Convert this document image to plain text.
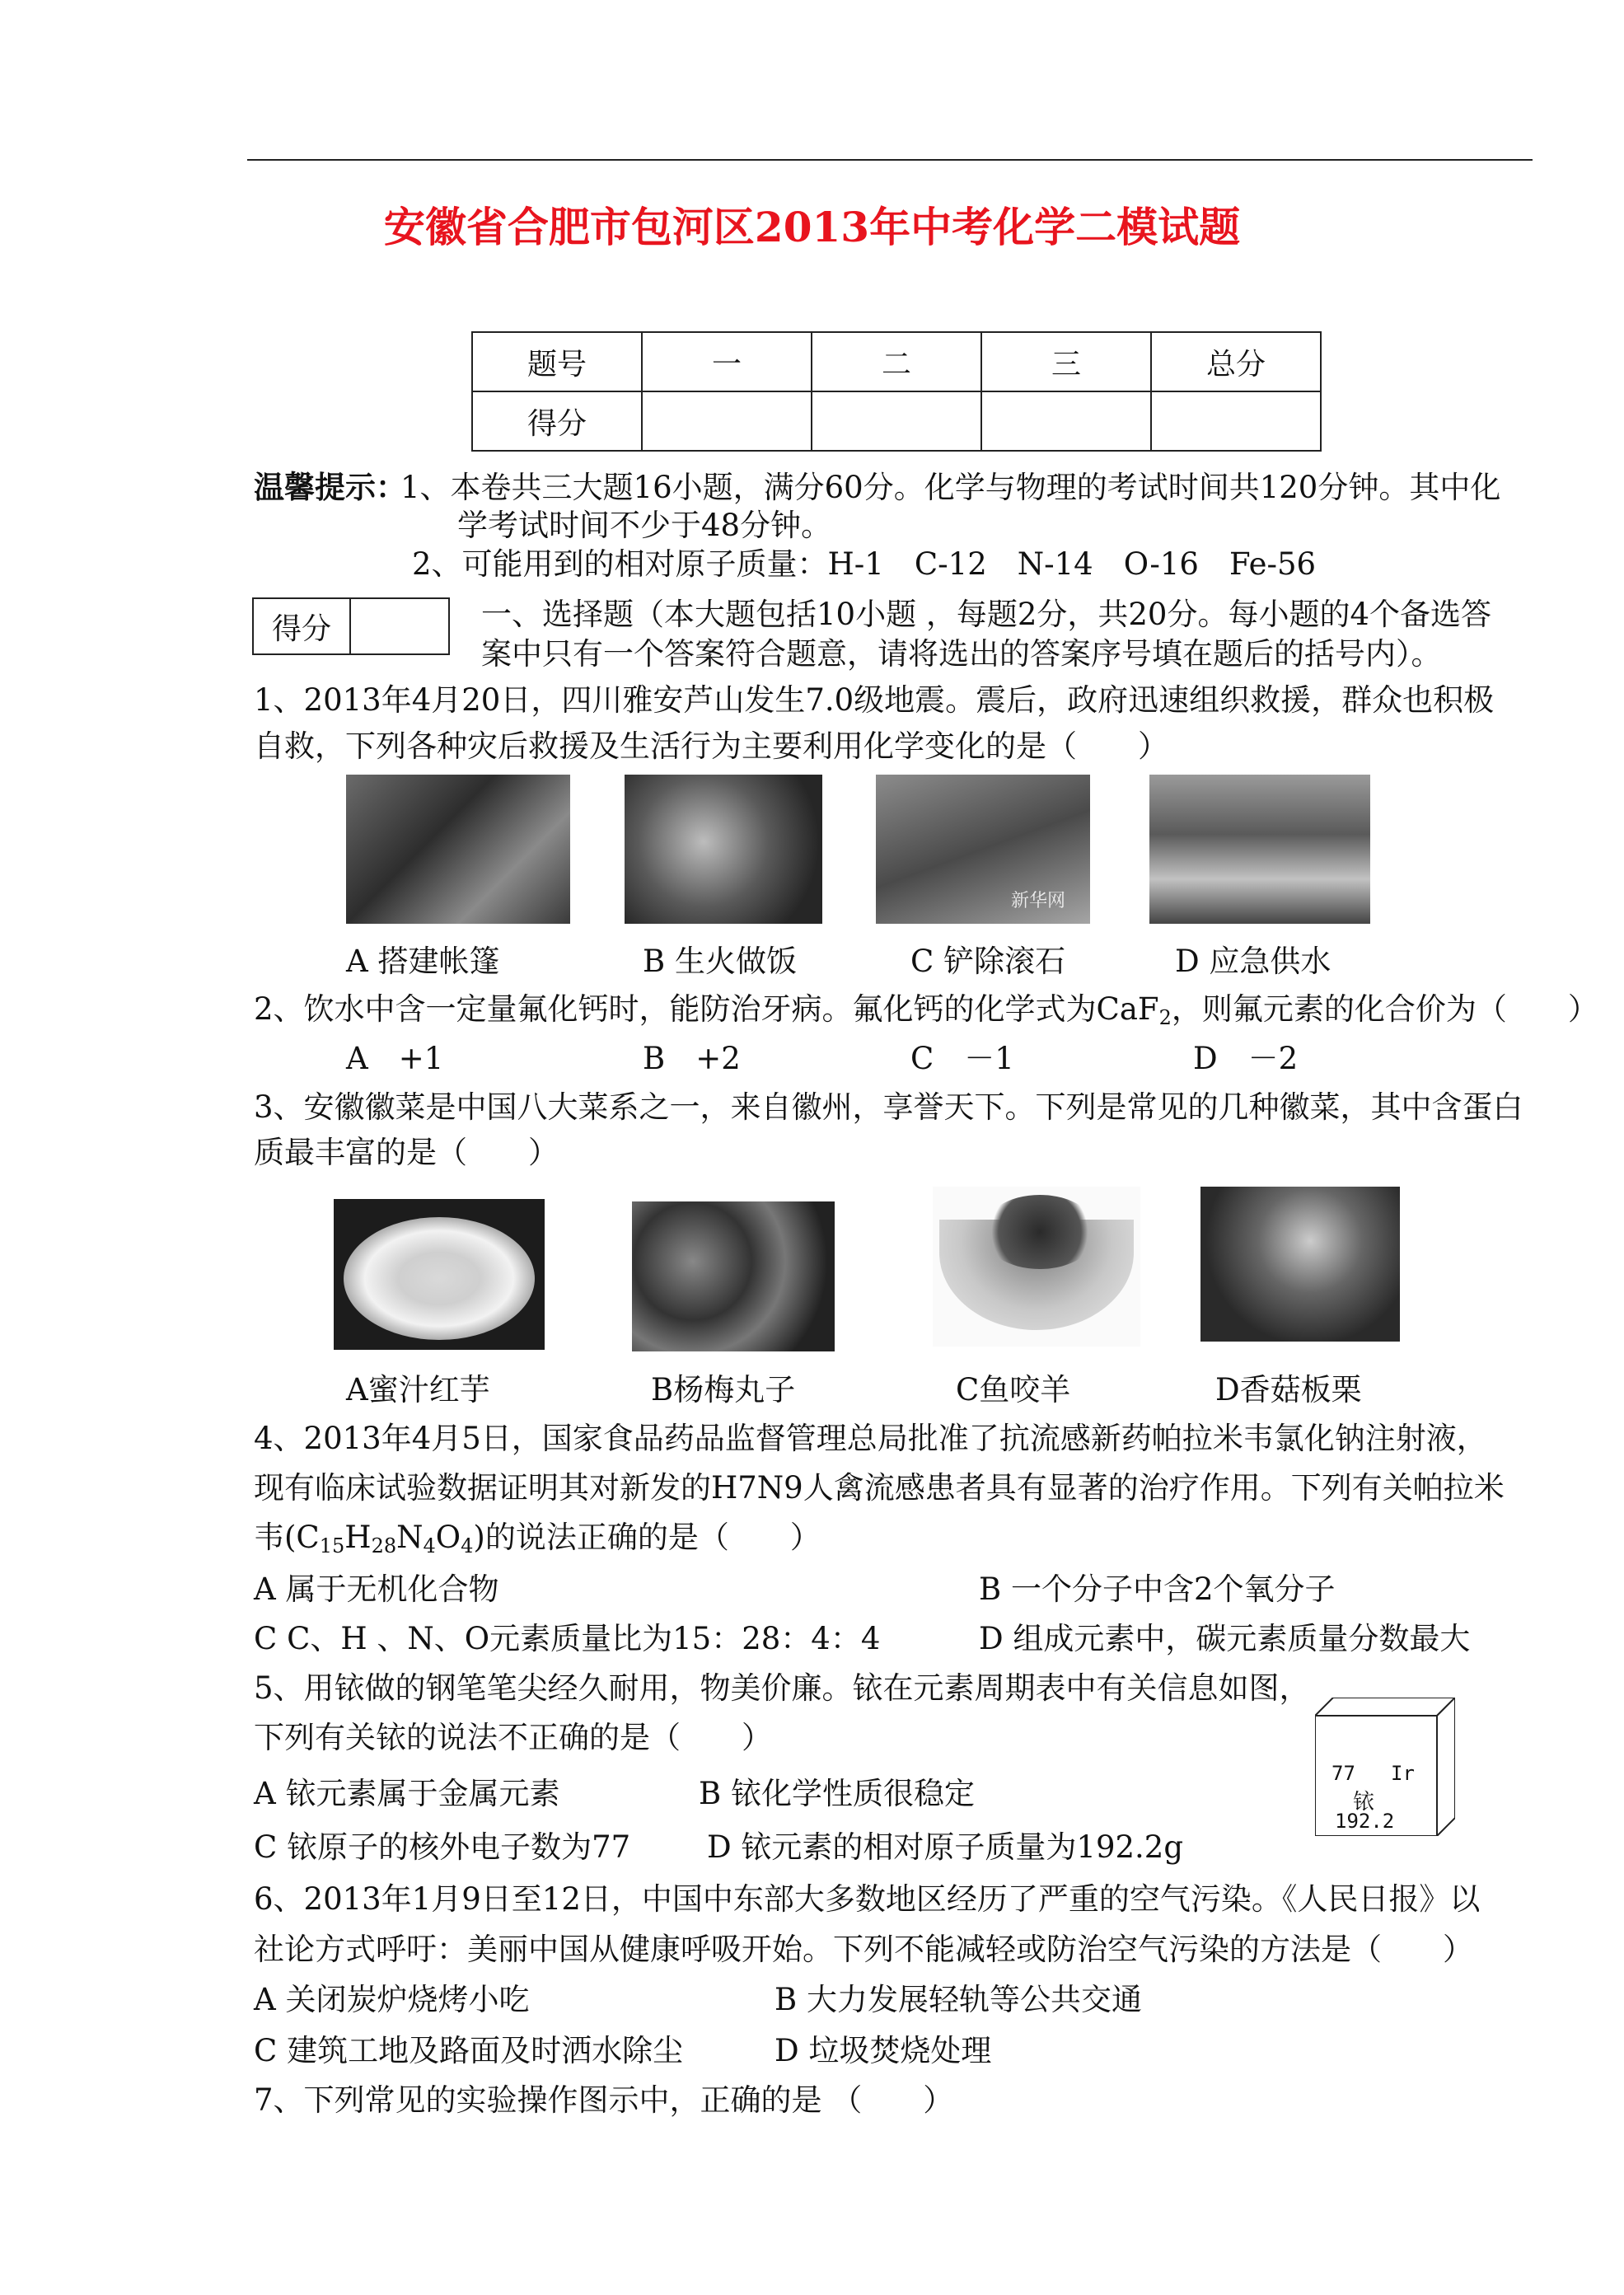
安徽省合肥市包河区2013年中考化学二模试题
题号	一	二	三	总分
得分				
温馨提示：
1、本卷共三大题16小题，满分60分。化学与物理的考试时间共120分钟。其中化
学考试时间不少于48分钟。
2、可能用到的相对原子质量：H-1　C-12　N-14　O-16　Fe-56
得分		一、选择题（本大题包括10小题 ，每题2分，共20分。每小题的4个备选答
案中只有一个答案符合题意，请将选出的答案序号填在题后的括号内）。
1、2013年4月20日，四川雅安芦山发生7.0级地震。震后，政府迅速组织救援，群众也积极
自救，下列各种灾后救援及生活行为主要利用化学变化的是（　　）
新华网
A 搭建帐篷	B 生火做饭	C 铲除滚石	D 应急供水
2、饮水中含一定量氟化钙时，能防治牙病。氟化钙的化学式为CaF$_2$，则氟元素的化合价为（　　）
A　+1	B　+2	C　－1	D　－2
3、安徽徽菜是中国八大菜系之一，来自徽州，享誉天下。下列是常见的几种徽菜，其中含蛋白
质最丰富的是（　　）
A蜜汁红芋	B杨梅丸子	C鱼咬羊	D香菇板栗
4、2013年4月5日，国家食品药品监督管理总局批准了抗流感新药帕拉米韦氯化钠注射液，
现有临床试验数据证明其对新发的H7N9人禽流感患者具有显著的治疗作用。下列有关帕拉米
韦$(C_{15}H_{28}N_4O_4)$的说法正确的是（　　）
A 属于无机化合物	B 一个分子中含2个氧分子
C C、H 、N、O元素质量比为15：28：4：4	D 组成元素中，碳元素质量分数最大
5、用铱做的钢笔笔尖经久耐用，物美价廉。铱在元素周期表中有关信息如图，
下列有关铱的说法不正确的是（　　）
77 Ir
铱
192.2
A 铱元素属于金属元素	B 铱化学性质很稳定
C 铱原子的核外电子数为77	D 铱元素的相对原子质量为192.2g
6、2013年1月9日至12日，中国中东部大多数地区经历了严重的空气污染。《人民日报》以
社论方式呼吁：美丽中国从健康呼吸开始。下列不能减轻或防治空气污染的方法是（　　）
A 关闭炭炉烧烤小吃	B 大力发展轻轨等公共交通
C 建筑工地及路面及时洒水除尘	D 垃圾焚烧处理
7、下列常见的实验操作图示中，正确的是 （　　）
